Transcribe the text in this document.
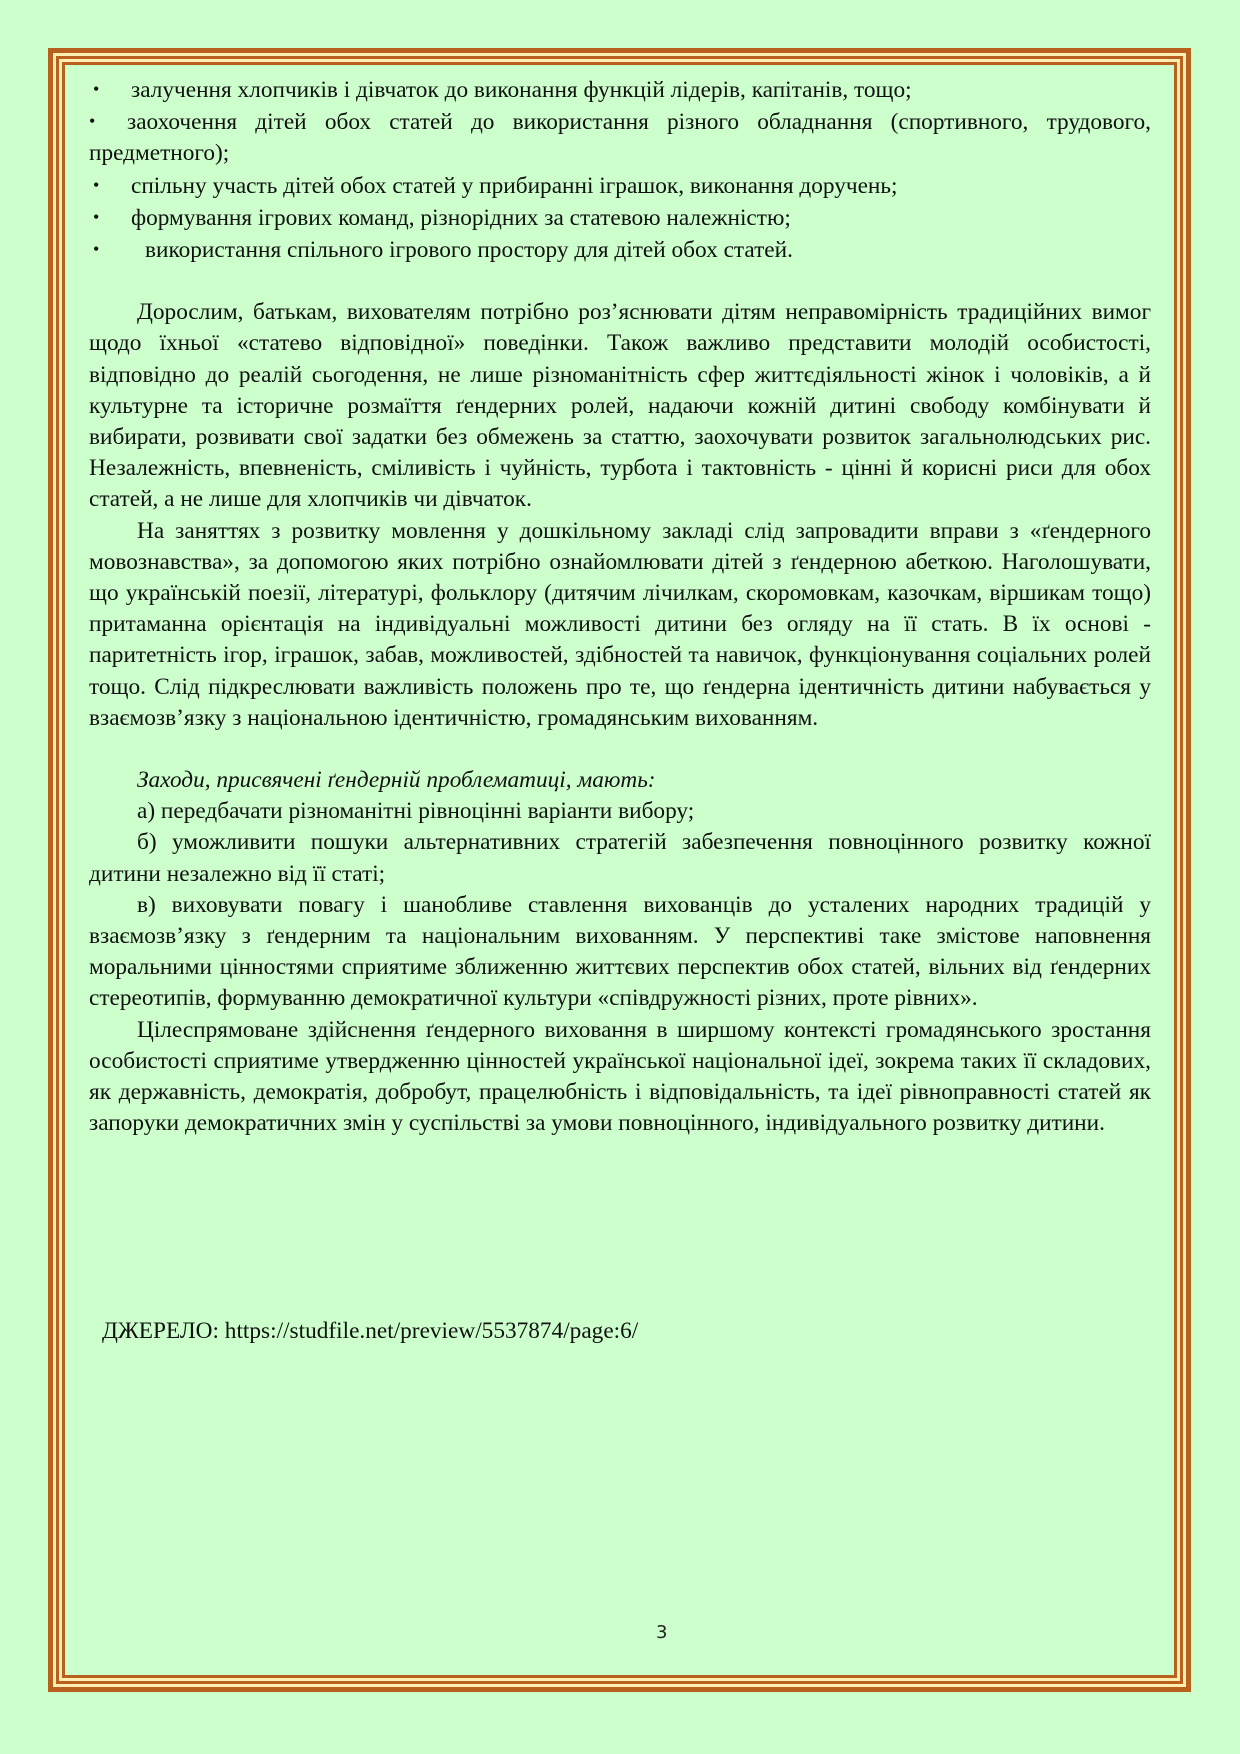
• залучення хлопчиків і дівчаток до виконання функцій лідерів, капітанів, тощо;
• заохочення дітей обох статей до використання різного обладнання (спортивного, трудового, предметного);
• спільну участь дітей обох статей у прибиранні іграшок, виконання доручень;
• формування ігрових команд, різнорідних за статевою належністю;
• використання спільного ігрового простору для дітей обох статей.

Дорослим, батькам, вихователям потрібно роз’яснювати дітям неправомірність традиційних вимог щодо їхньої «статево відповідної» поведінки. Також важливо представити молодій особистості, відповідно до реалій сьогодення, не лише різноманітність сфер життєдіяльності жінок і чоловіків, а й культурне та історичне розмаїття ґендерних ролей, надаючи кожній дитині свободу комбінувати й вибирати, розвивати свої задатки без обмежень за статтю, заохочувати розвиток загальнолюдських рис. Незалежність, впевненість, сміливість і чуйність, турбота і тактовність - цінні й корисні риси для обох статей, а не лише для хлопчиків чи дівчаток.

На заняттях з розвитку мовлення у дошкільному закладі слід запровадити вправи з «ґендерного мовознавства», за допомогою яких потрібно ознайомлювати дітей з ґендерною абеткою. Наголошувати, що українській поезії, літературі, фольклору (дитячим лічилкам, скоромовкам, казочкам, віршикам тощо) притаманна орієнтація на індивідуальні можливості дитини без огляду на її стать. В їх основі - паритетність ігор, іграшок, забав, можливостей, здібностей та навичок, функціонування соціальних ролей тощо. Слід підкреслювати важливість положень про те, що ґендерна ідентичність дитини набувається у взаємозв’язку з національною ідентичністю, громадянським вихованням.

Заходи, присвячені ґендерній проблематиці, мають:

а) передбачати різноманітні рівноцінні варіанти вибору;

б) уможливити пошуки альтернативних стратегій забезпечення повноцінного розвитку кожної дитини незалежно від її статі;

в) виховувати повагу і шанобливе ставлення вихованців до усталених народних традицій у взаємозв’язку з ґендерним та національним вихованням. У перспективі таке змістове наповнення моральними цінностями сприятиме зближенню життєвих перспектив обох статей, вільних від ґендерних стереотипів, формуванню демократичної культури «співдружності різних, проте рівних».

Цілеспрямоване здійснення ґендерного виховання в ширшому контексті громадянського зростання особистості сприятиме утвердженню цінностей української національної ідеї, зокрема таких її складових, як державність, демократія, добробут, працелюбність і відповідальність, та ідеї рівноправності статей як запоруки демократичних змін у суспільстві за умови повноцінного, індивідуального розвитку дитини.

ДЖЕРЕЛО: https://studfile.net/preview/5537874/page:6/
3
